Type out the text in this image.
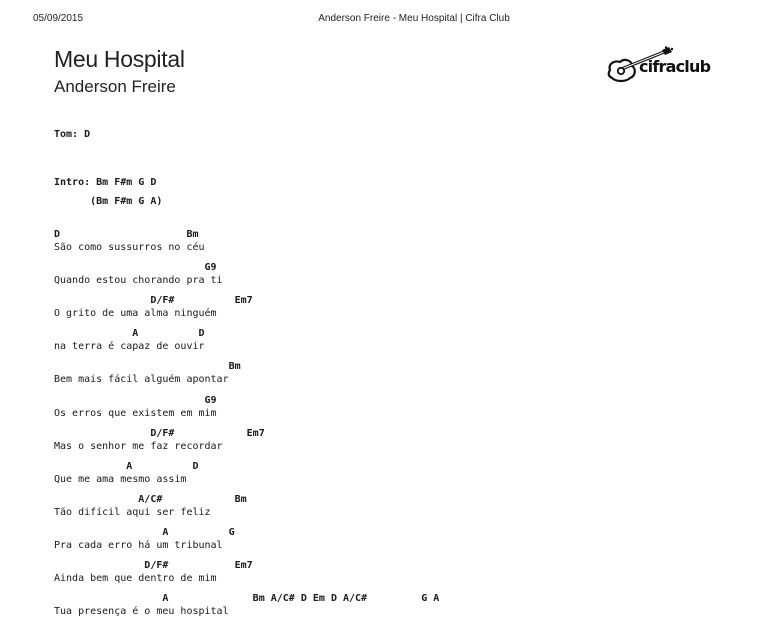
05/09/2015	Anderson Freire - Meu Hospital | Cifra Club
Meu Hospital
Anderson Freire
cifraclub
Tom: D
Intro: Bm F#m G D
(Bm F#m G A)
D                     Bm
São como sussurros no céu
G9
Quando estou chorando pra ti
D/F#          Em7
O grito de uma alma ninguém
A          D
na terra é capaz de ouvir
Bm
Bem mais fácil alguém apontar
G9
Os erros que existem em mim
D/F#            Em7
Mas o senhor me faz recordar
A          D
Que me ama mesmo assim
A/C#            Bm
Tão difícil aqui ser feliz
A          G
Pra cada erro há um tribunal
D/F#           Em7
Ainda bem que dentro de mim
A              Bm A/C# D Em D A/C#         G A
Tua presença é o meu hospital
